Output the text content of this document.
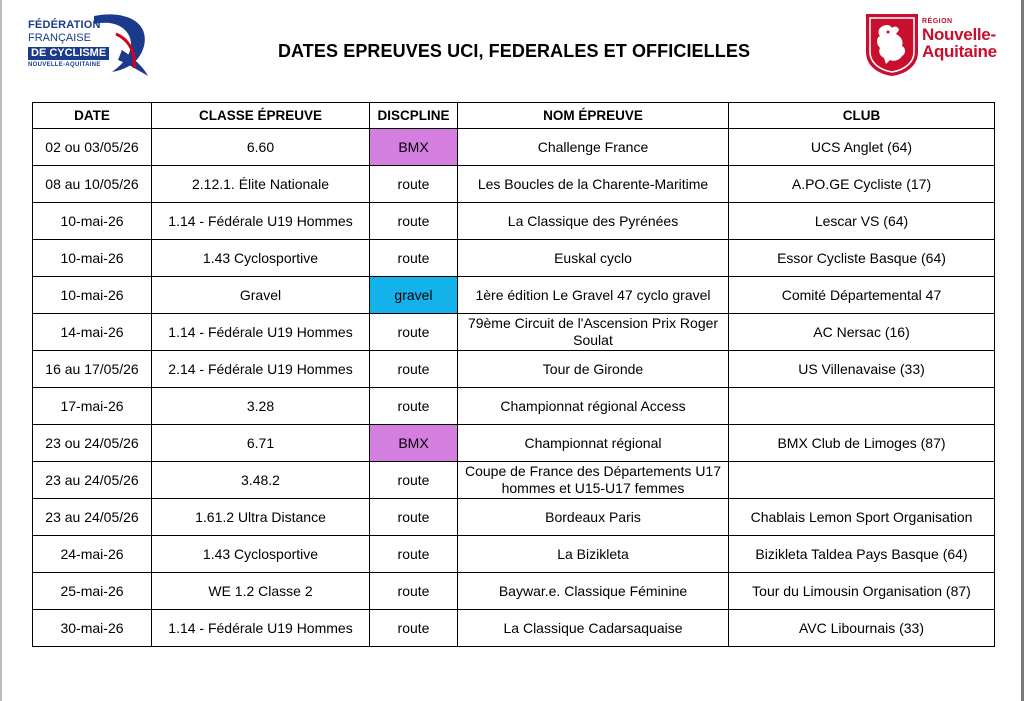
FÉDÉRATION
FRANÇAISE
DE CYCLISME
NOUVELLE-AQUITAINE
DATES EPREUVES UCI, FEDERALES ET OFFICIELLES
RÉGION
Nouvelle-
Aquitaine
DATE	CLASSE ÉPREUVE	DISCPLINE	NOM ÉPREUVE	CLUB
02 ou 03/05/26	6.60	BMX	Challenge France	UCS Anglet (64)
08 au 10/05/26	2.12.1. Élite Nationale	route	Les Boucles de la Charente-Maritime	A.PO.GE Cycliste (17)
10-mai-26	1.14 - Fédérale U19 Hommes	route	La Classique des Pyrénées	Lescar VS (64)
10-mai-26	1.43 Cyclosportive	route	Euskal cyclo	Essor Cycliste Basque (64)
10-mai-26	Gravel	gravel	1ère édition Le Gravel 47 cyclo gravel	Comité Départemental 47
14-mai-26	1.14 - Fédérale U19 Hommes	route	79ème Circuit de l'Ascension Prix Roger Soulat	AC Nersac (16)
16 au 17/05/26	2.14 - Fédérale U19 Hommes	route	Tour de Gironde	US Villenavaise (33)
17-mai-26	3.28	route	Championnat régional Access	
23 ou 24/05/26	6.71	BMX	Championnat régional	BMX Club de Limoges (87)
23 au 24/05/26	3.48.2	route	Coupe de France des Départements U17 hommes et U15-U17 femmes	
23 au 24/05/26	1.61.2 Ultra Distance	route	Bordeaux Paris	Chablais Lemon Sport Organisation
24-mai-26	1.43 Cyclosportive	route	La Bizikleta	Bizikleta Taldea Pays Basque (64)
25-mai-26	WE 1.2 Classe 2	route	Baywar.e. Classique Féminine	Tour du Limousin Organisation (87)
30-mai-26	1.14 - Fédérale U19 Hommes	route	La Classique Cadarsaquaise	AVC Libournais (33)
